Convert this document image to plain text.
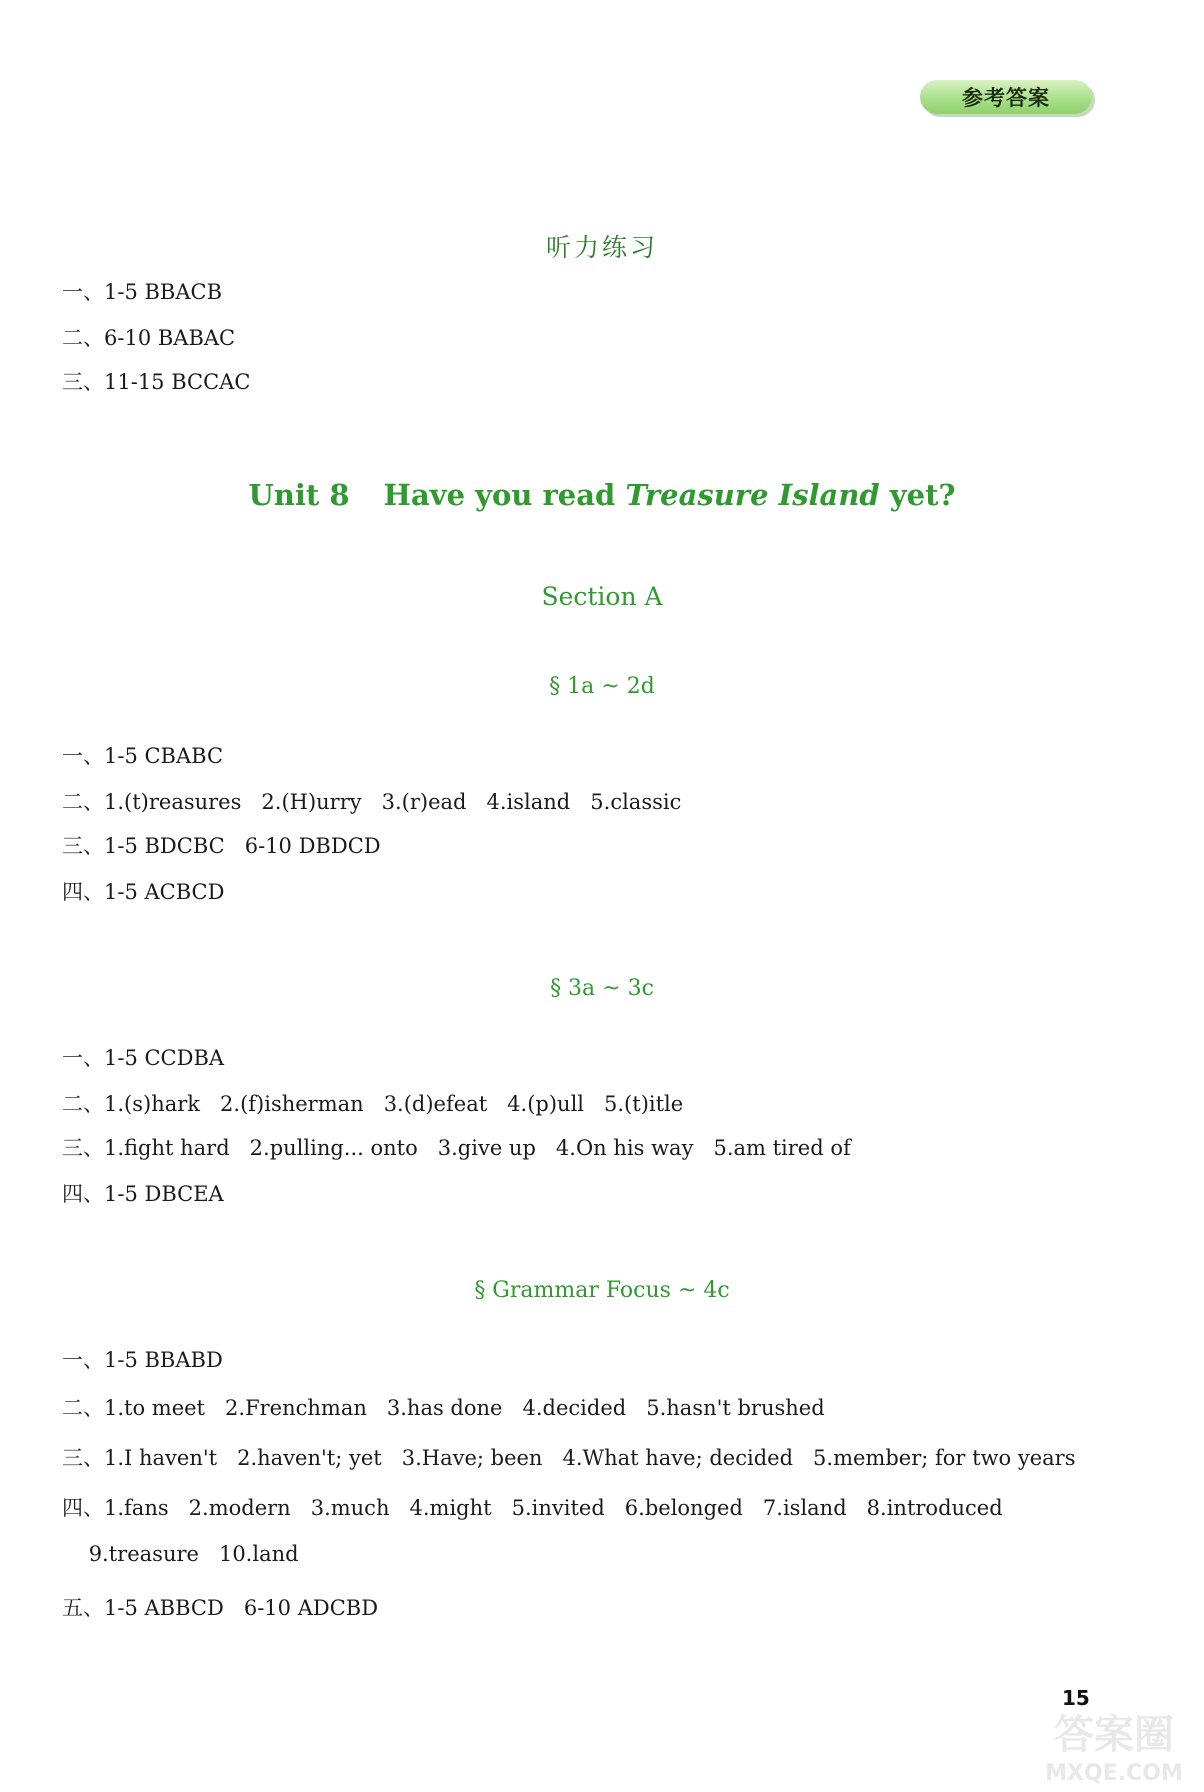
参考答案
听力练习
一、1-5 BBACB
二、6-10 BABAC
三、11-15 BCCAC
Unit 8 Have you read Treasure Island yet?
Section A
§ 1a ~ 2d
一、1-5 CBABC
二、1.(t)reasures   2.(H)urry   3.(r)ead   4.island   5.classic
三、1-5 BDCBC   6-10 DBDCD
四、1-5 ACBCD
§ 3a ~ 3c
一、1-5 CCDBA
二、1.(s)hark   2.(f)isherman   3.(d)efeat   4.(p)ull   5.(t)itle
三、1.fight hard   2.pulling... onto   3.give up   4.On his way   5.am tired of
四、1-5 DBCEA
§ Grammar Focus ~ 4c
一、1-5 BBABD
二、1.to meet   2.Frenchman   3.has done   4.decided   5.hasn't brushed
三、1.I haven't   2.haven't; yet   3.Have; been   4.What have; decided   5.member; for two years
四、1.fans   2.modern   3.much   4.might   5.invited   6.belonged   7.island   8.introduced
9.treasure   10.land
五、1-5 ABBCD   6-10 ADCBD
15
答案圈
MXQE.COM
